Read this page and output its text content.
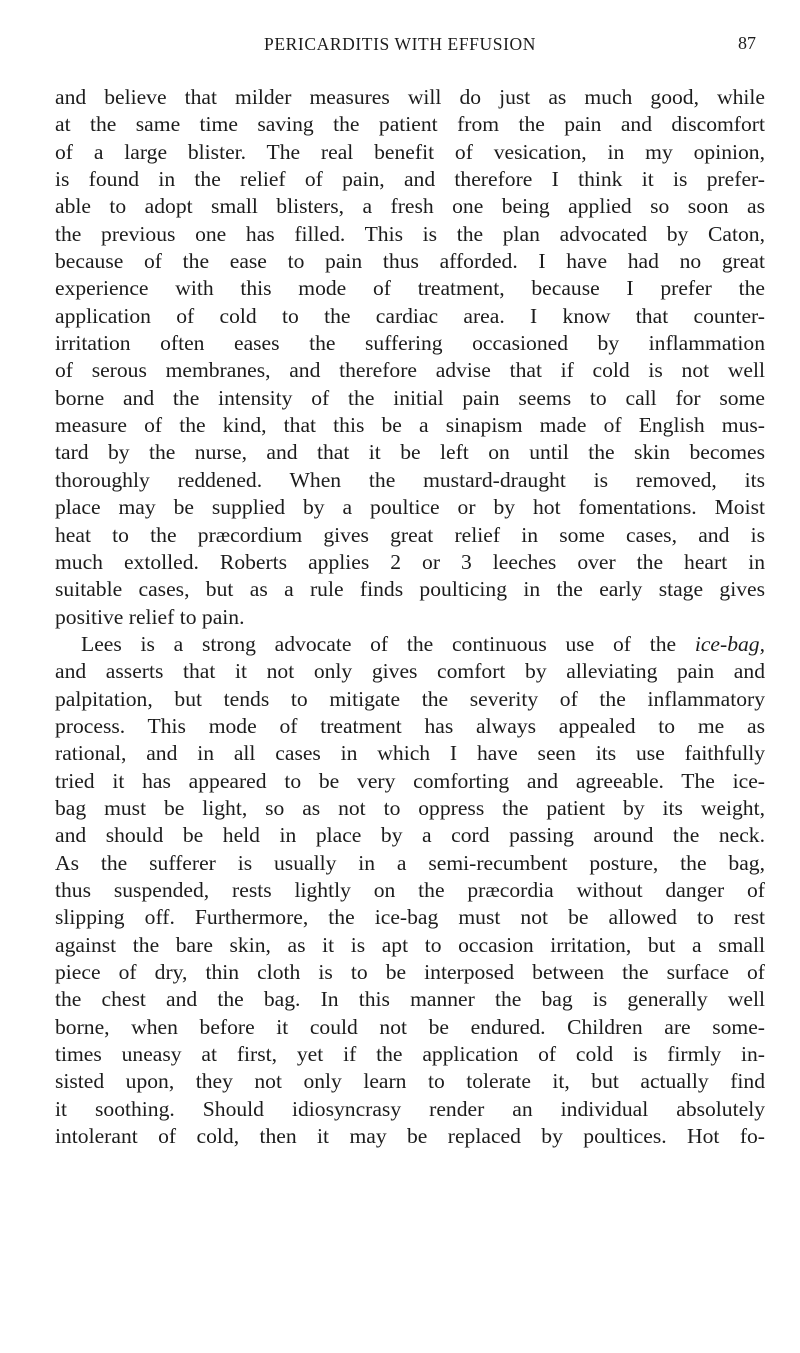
PERICARDITIS WITH EFFUSION	87
and believe that milder measures will do just as much good, while
at the same time saving the patient from the pain and discomfort
of a large blister. The real benefit of vesication, in my opinion,
is found in the relief of pain, and therefore I think it is prefer-
able to adopt small blisters, a fresh one being applied so soon as
the previous one has filled. This is the plan advocated by Caton,
because of the ease to pain thus afforded. I have had no great
experience with this mode of treatment, because I prefer the
application of cold to the cardiac area. I know that counter-
irritation often eases the suffering occasioned by inflammation
of serous membranes, and therefore advise that if cold is not well
borne and the intensity of the initial pain seems to call for some
measure of the kind, that this be a sinapism made of English mus-
tard by the nurse, and that it be left on until the skin becomes
thoroughly reddened. When the mustard-draught is removed, its
place may be supplied by a poultice or by hot fomentations. Moist
heat to the præcordium gives great relief in some cases, and is
much extolled. Roberts applies 2 or 3 leeches over the heart in
suitable cases, but as a rule finds poulticing in the early stage gives
positive relief to pain.
Lees is a strong advocate of the continuous use of the ice-bag,
and asserts that it not only gives comfort by alleviating pain and
palpitation, but tends to mitigate the severity of the inflammatory
process. This mode of treatment has always appealed to me as
rational, and in all cases in which I have seen its use faithfully
tried it has appeared to be very comforting and agreeable. The ice-
bag must be light, so as not to oppress the patient by its weight,
and should be held in place by a cord passing around the neck.
As the sufferer is usually in a semi-recumbent posture, the bag,
thus suspended, rests lightly on the præcordia without danger of
slipping off. Furthermore, the ice-bag must not be allowed to rest
against the bare skin, as it is apt to occasion irritation, but a small
piece of dry, thin cloth is to be interposed between the surface of
the chest and the bag. In this manner the bag is generally well
borne, when before it could not be endured. Children are some-
times uneasy at first, yet if the application of cold is firmly in-
sisted upon, they not only learn to tolerate it, but actually find
it soothing. Should idiosyncrasy render an individual absolutely
intolerant of cold, then it may be replaced by poultices. Hot fo-
